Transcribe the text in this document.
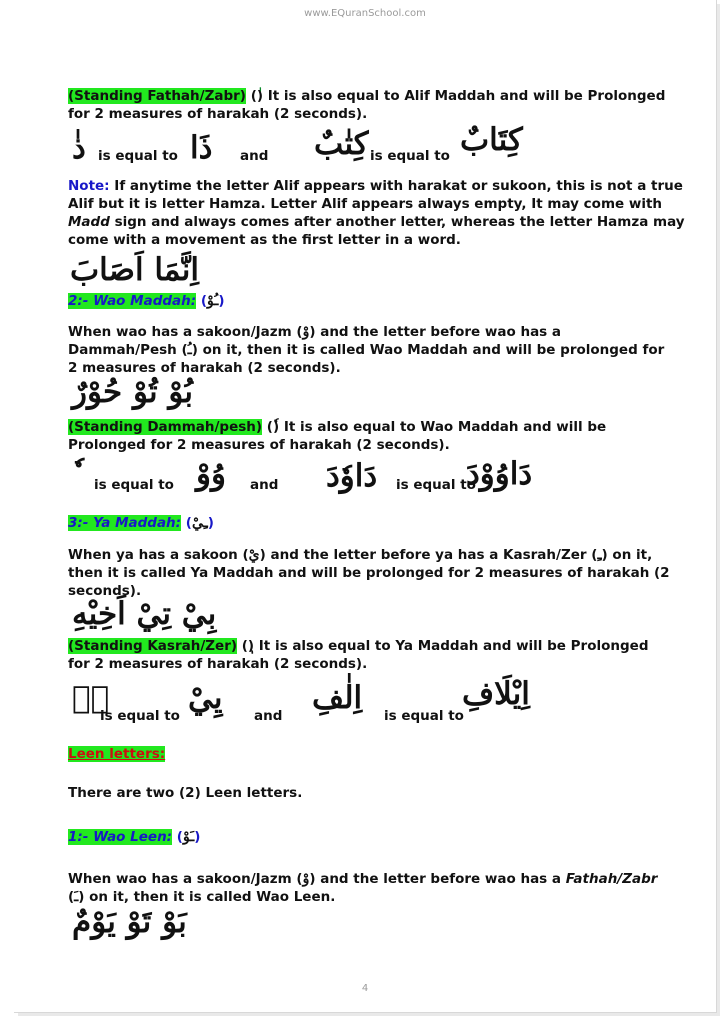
www.EQuranSchool.com
(Standing Fathah/Zabr) () It is also equal to Alif Maddah and will be Prolonged
for 2 measures of harakah (2 seconds).
ذٰ is equal to ذَا and كِتٰبٌ is equal to كِتَابٌ
Note: If anytime the letter Alif appears with harakat or sukoon, this is not a true
Alif but it is letter Hamza. Letter Alif appears always empty, It may come with
Madd sign and always comes after another letter, whereas the letter Hamza may
come with a movement as the first letter in a word.
اِنَّمَا اَصَابَ
2:- Wao Maddah: (ـُوْ)
When wao has a sakoon/Jazm (وْ) and the letter before wao has a
Dammah/Pesh (ـُ) on it, then it is called Wao Maddah and will be prolonged for
2 measures of harakah (2 seconds).
بُوْ تُوْ حُوْرٌ
(Standing Dammah/pesh) () It is also equal to Wao Maddah and will be
Prolonged for 2 measures of harakah (2 seconds).
is equal to وُوْ and دَاوٗدَ is equal to
دَاوُوْدَ
3:- Ya Maddah: (ـِيْ)
When ya has a sakoon (يْ) and the letter before ya has a Kasrah/Zer (ـِ) on it,
then it is called Ya Maddah and will be prolonged for 2 measures of harakah (2
seconds).
بِيْ تِيْ اَخِيْهِ
(Standing Kasrah/Zer) () It is also equal to Ya Maddah and will be Prolonged
for 2 measures of harakah (2 seconds).
يٖ
is equal to يِيْ and اِلٰفِ is equal to
اِيْلَافِ
Leen letters:
There are two (2) Leen letters.
1:- Wao Leen: (ـَوْ)
When wao has a sakoon/Jazm (وْ) and the letter before wao has a Fathah/Zabr
(ـَ) on it, then it is called Wao Leen.
بَوْ تَوْ يَوْمٌ
4
